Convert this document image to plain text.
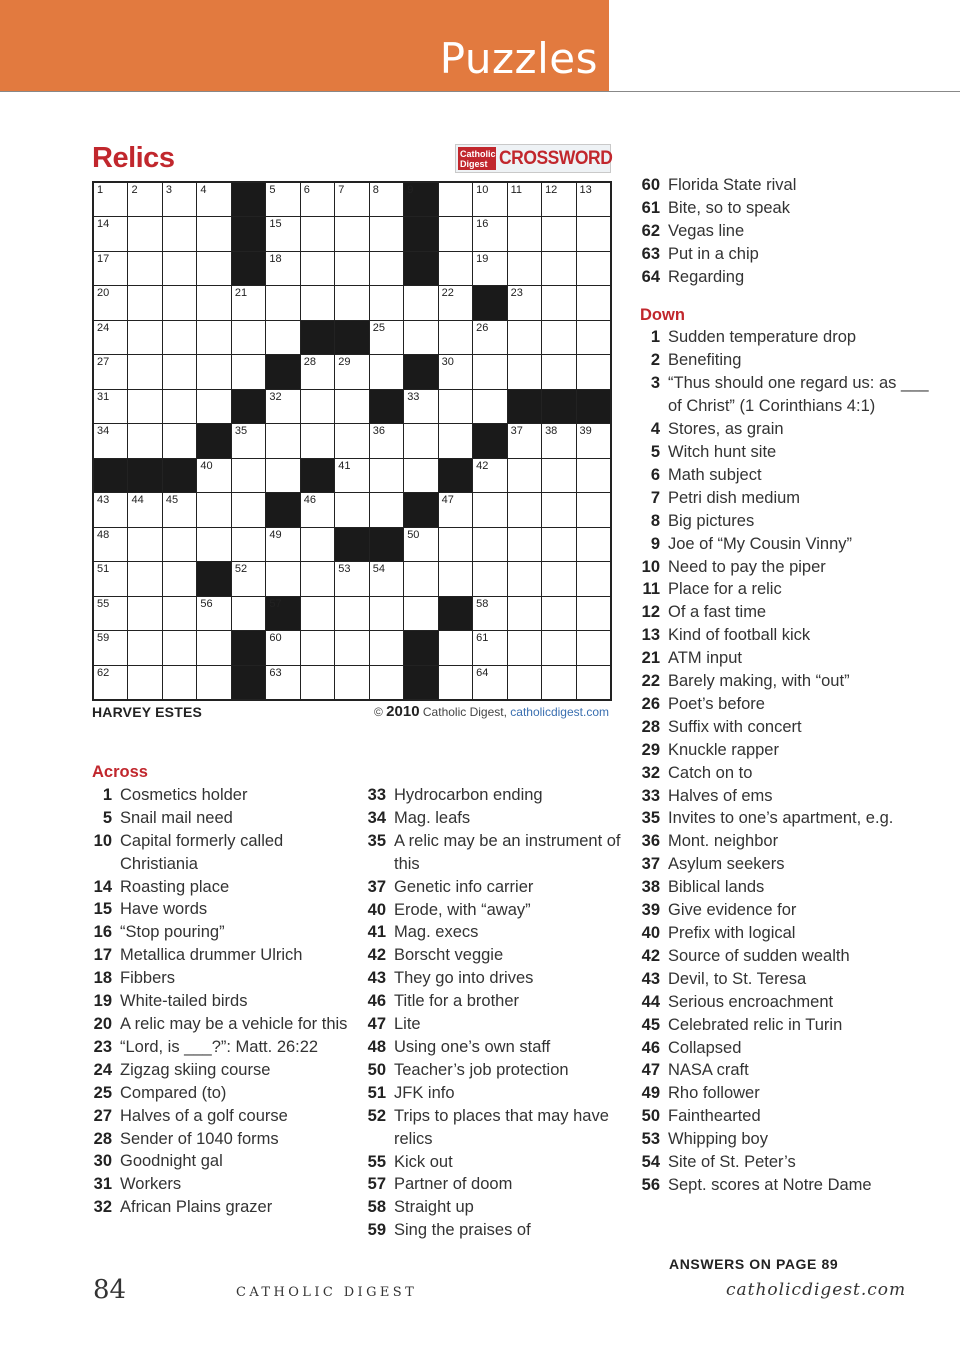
Puzzles
Relics	Catholic
Digest CROSSWORD
1	2	3	4	5	6	7	8	9	10 11 12 13
14	15	16
17	18	19
20	21	22	23
24	25	26
27	28 29	30
31	32	33
34	35	36	37 38 39
40	41	42
43 44 45	46	47
48	49	50
51	52	53 54
55	56	57	58
59	60	61
62	63	64
HARVEY ESTES	© 2010 Catholic Digest, catholicdigest.com
Across
1 Cosmetics holder
5 Snail mail need
10 Capital formerly called Christiania
14 Roasting place
15 Have words
16 “Stop pouring”
17 Metallica drummer Ulrich
18 Fibbers
19 White-tailed birds
20 A relic may be a vehicle for this
23 “Lord, is ___?”: Matt. 26:22
24 Zigzag skiing course
25 Compared (to)
27 Halves of a golf course
28 Sender of 1040 forms
30 Goodnight gal
31 Workers
32 African Plains grazer
33 Hydrocarbon ending
34 Mag. leafs
35 A relic may be an instrument of this
37 Genetic info carrier
40 Erode, with “away”
41 Mag. execs
42 Borscht veggie
43 They go into drives
46 Title for a brother
47 Lite
48 Using one’s own staff
50 Teacher’s job protection
51 JFK info
52 Trips to places that may have relics
55 Kick out
57 Partner of doom
58 Straight up
59 Sing the praises of
60 Florida State rival
61 Bite, so to speak
62 Vegas line
63 Put in a chip
64 Regarding
Down
1 Sudden temperature drop
2 Benefiting
3 “Thus should one regard us: as ___ of Christ” (1 Corinthians 4:1)
4 Stores, as grain
5 Witch hunt site
6 Math subject
7 Petri dish medium
8 Big pictures
9 Joe of “My Cousin Vinny”
10 Need to pay the piper
11 Place for a relic
12 Of a fast time
13 Kind of football kick
21 ATM input
22 Barely making, with “out”
26 Poet’s before
28 Suffix with concert
29 Knuckle rapper
32 Catch on to
33 Halves of ems
35 Invites to one’s apartment, e.g.
36 Mont. neighbor
37 Asylum seekers
38 Biblical lands
39 Give evidence for
40 Prefix with logical
42 Source of sudden wealth
43 Devil, to St. Teresa
44 Serious encroachment
45 Celebrated relic in Turin
46 Collapsed
47 NASA craft
49 Rho follower
50 Fainthearted
53 Whipping boy
54 Site of St. Peter’s
56 Sept. scores at Notre Dame
ANSWERS ON PAGE 89
84	CATHOLIC DIGEST	catholicdigest.com
